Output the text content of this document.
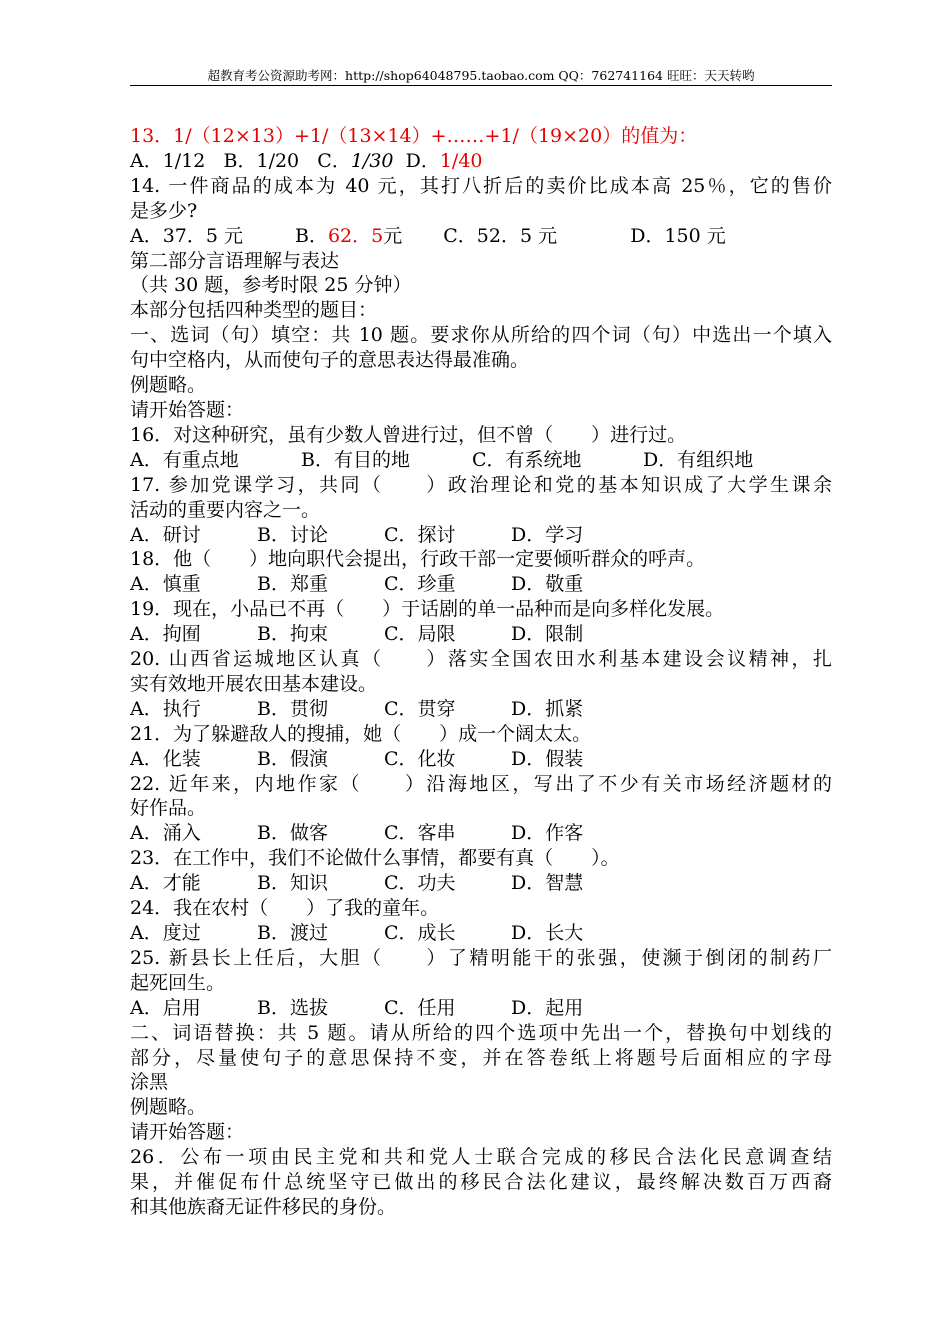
超教育考公资源助考网：http://shop64048795.taobao.com QQ：762741164 旺旺：天天转哟
13．1/（12×13）+1/（13×14）+……+1/（19×20）的值为：
A．1/12 B．1/20 C．1/30 D．1/40
14. 一件商品的成本为 40 元，其打八折后的卖价比成本高 25％，它的售价
是多少?
A．37．5 元	B．62．5元 C．52．5 元	D．150 元
第二部分言语理解与表达
（共 30 题，参考时限 25 分钟）
本部分包括四种类型的题目：
一、选词（句）填空：共 10 题。要求你从所给的四个词（句）中选出一个填入
句中空格内，从而使句子的意思表达得最准确。
例题略。
请开始答题：
16．对这种研究，虽有少数人曾进行过，但不曾（　　）进行过。
A．有重点地	B．有目的地	C．有系统地	D．有组织地
17. 参加党课学习，共同（　　）政治理论和党的基本知识成了大学生课余
活动的重要内容之一。
A．研讨	B．讨论	C．探讨	D．学习
18．他（　　）地向职代会提出，行政干部一定要倾听群众的呼声。
A．慎重	B．郑重	C．珍重	D．敬重
19．现在，小品已不再（　　）于话剧的单一品种而是向多样化发展。
A．拘囿	B．拘束	C．局限	D．限制
20. 山西省运城地区认真（　　）落实全国农田水利基本建设会议精神，扎
实有效地开展农田基本建设。
A．执行	B．贯彻	C．贯穿	D．抓紧
21．为了躲避敌人的搜捕，她（　　）成一个阔太太。
A．化装	B．假演	C．化妆	D．假装
22. 近年来，内地作家（　　）沿海地区，写出了不少有关市场经济题材的
好作品。
A．涌入	B．做客	C．客串	D．作客
23．在工作中，我们不论做什么事情，都要有真（　　）。
A．才能	B．知识	C．功夫	D．智慧
24．我在农村（　　）了我的童年。
A．度过	B．渡过	C．成长	D．长大
25. 新县长上任后，大胆（　　）了精明能干的张强，使濒于倒闭的制药厂
起死回生。
A．启用	B．选拔	C．任用	D．起用
二、词语替换：共 5 题。请从所给的四个选项中先出一个，替换句中划线的
部分，尽量使句子的意思保持不变，并在答卷纸上将题号后面相应的字母
涂黑
例题略。
请开始答题：
26．公布一项由民主党和共和党人士联合完成的移民合法化民意调查结
果，并催促布什总统坚守已做出的移民合法化建议，最终解决数百万西裔
和其他族裔无证件移民的身份。
